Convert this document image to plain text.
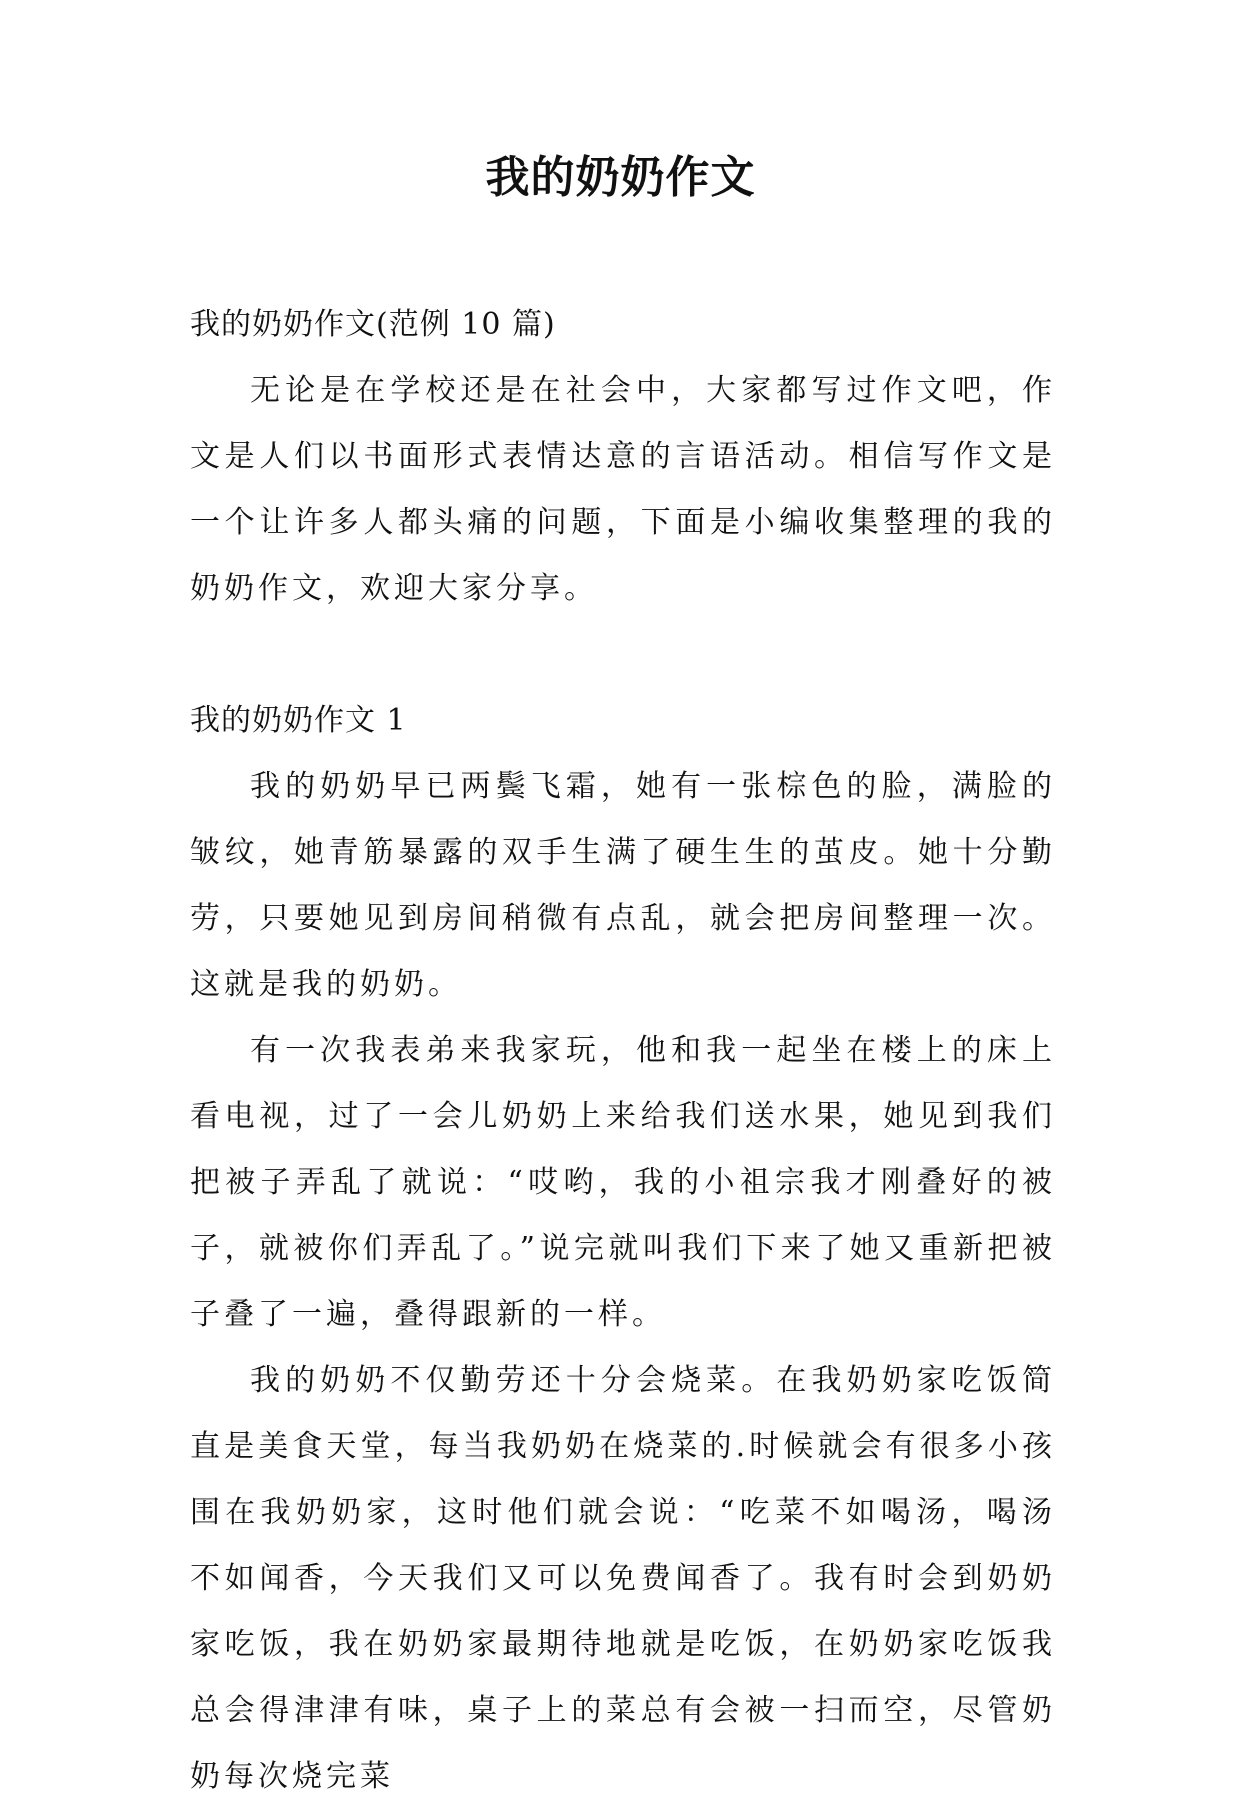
我的奶奶作文

我的奶奶作文(范例 10 篇)

无论是在学校还是在社会中，大家都写过作文吧，作文是人们以书面形式表情达意的言语活动。相信写作文是一个让许多人都头痛的问题，下面是小编收集整理的我的奶奶作文，欢迎大家分享。

我的奶奶作文 1

我的奶奶早已两鬓飞霜，她有一张棕色的脸，满脸的皱纹，她青筋暴露的双手生满了硬生生的茧皮。她十分勤劳，只要她见到房间稍微有点乱，就会把房间整理一次。这就是我的奶奶。

有一次我表弟来我家玩，他和我一起坐在楼上的床上看电视，过了一会儿奶奶上来给我们送水果，她见到我们把被子弄乱了就说：“哎哟，我的小祖宗我才刚叠好的被子，就被你们弄乱了。”说完就叫我们下来了她又重新把被子叠了一遍，叠得跟新的一样。

我的奶奶不仅勤劳还十分会烧菜。在我奶奶家吃饭简直是美食天堂，每当我奶奶在烧菜的.时候就会有很多小孩围在我奶奶家，这时他们就会说：“吃菜不如喝汤，喝汤不如闻香，今天我们又可以免费闻香了。我有时会到奶奶家吃饭，我在奶奶家最期待地就是吃饭，在奶奶家吃饭我总会得津津有味，桌子上的菜总有会被一扫而空，尽管奶奶每次烧完菜
